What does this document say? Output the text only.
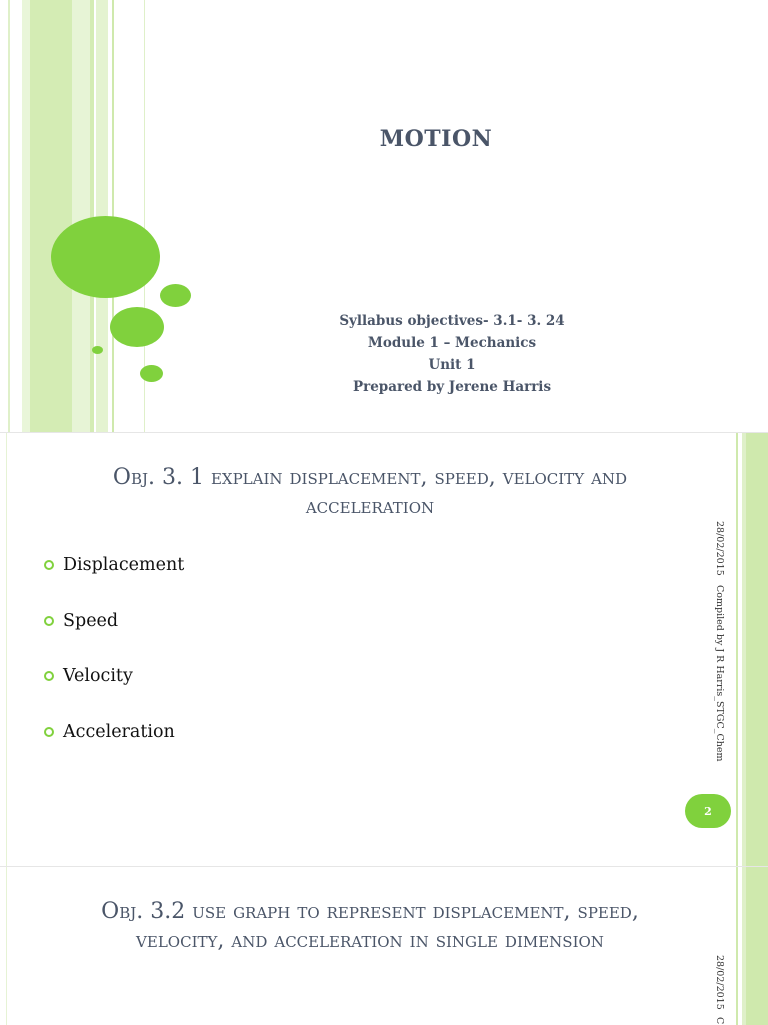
MOTION
Syllabus objectives- 3.1- 3. 24
Module 1 – Mechanics
Unit 1
Prepared by Jerene Harris
Obj. 3. 1 explain displacement, speed, velocity and
acceleration
Displacement
Speed
Velocity
Acceleration
28/02/2015
Compiled by J R Harris_STGC_Chem
2
Obj. 3.2 use graph to represent displacement, speed,
velocity, and acceleration in single dimension
28/02/2015
C
